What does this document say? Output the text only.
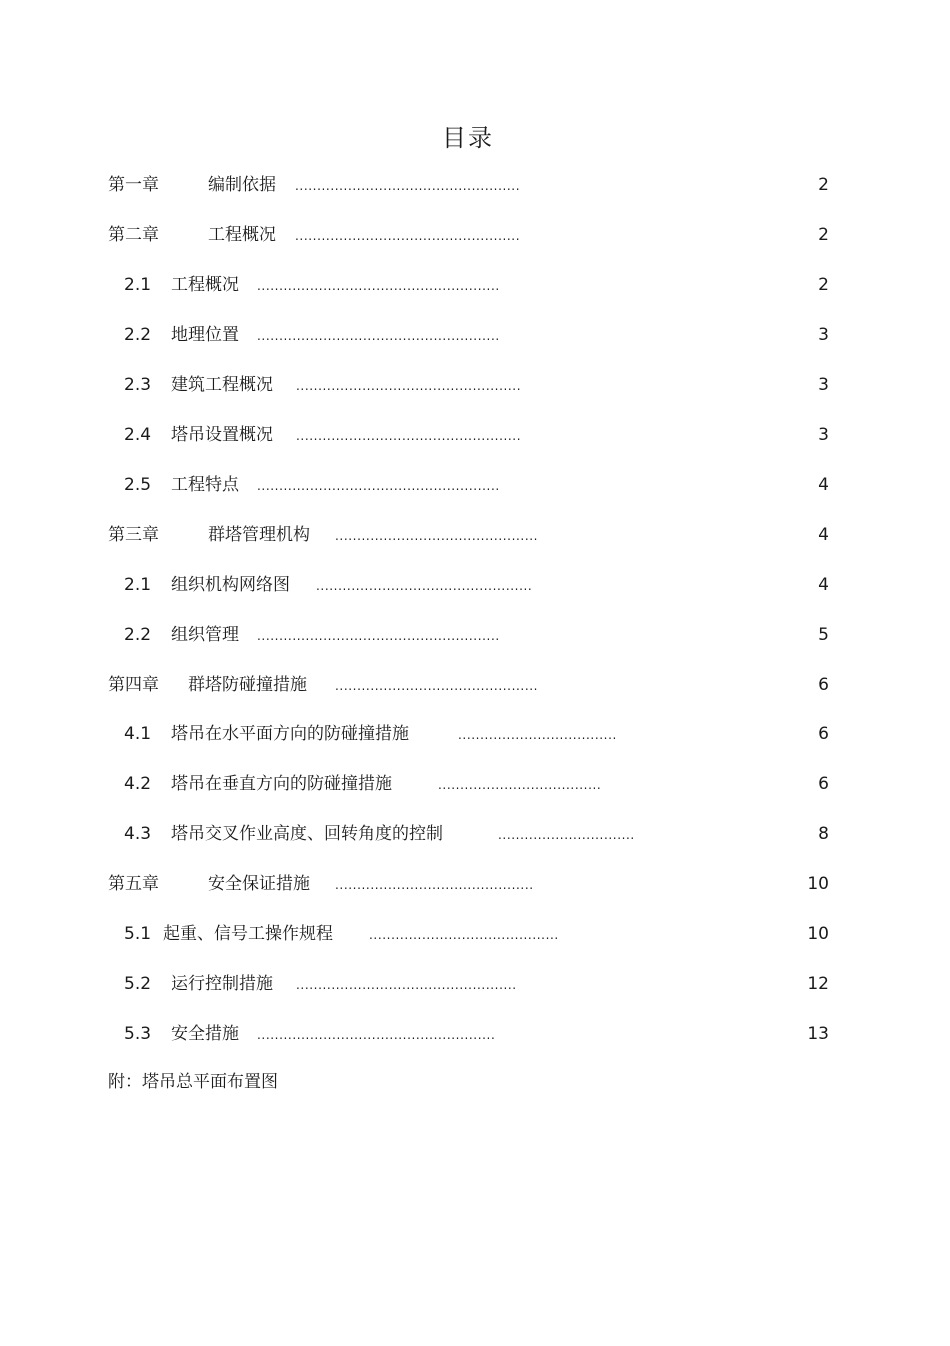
目录
第一章	编制依据 ...................................................	2
第二章	工程概况 ...................................................	2
2.1 工程概况 .......................................................	2
2.2 地理位置 .......................................................	3
2.3 建筑工程概况 ...................................................	3
2.4 塔吊设置概况 ...................................................	3
2.5 工程特点 .......................................................	4
第三章	群塔管理机构 ..............................................	4
2.1 组织机构网络图 .................................................	4
2.2 组织管理 .......................................................	5
第四章 群塔防碰撞措施 ..............................................	6
4.1 塔吊在水平面方向的防碰撞措施	....................................	6
4.2 塔吊在垂直方向的防碰撞措施	.....................................	6
4.3 塔吊交叉作业高度、回转角度的控制	...............................	8
第五章	安全保证措施 .............................................	10
5.1 起重、信号工操作规程	...........................................	10
5.2 运行控制措施 ..................................................	12
5.3 安全措施 ......................................................	13
附：塔吊总平面布置图
